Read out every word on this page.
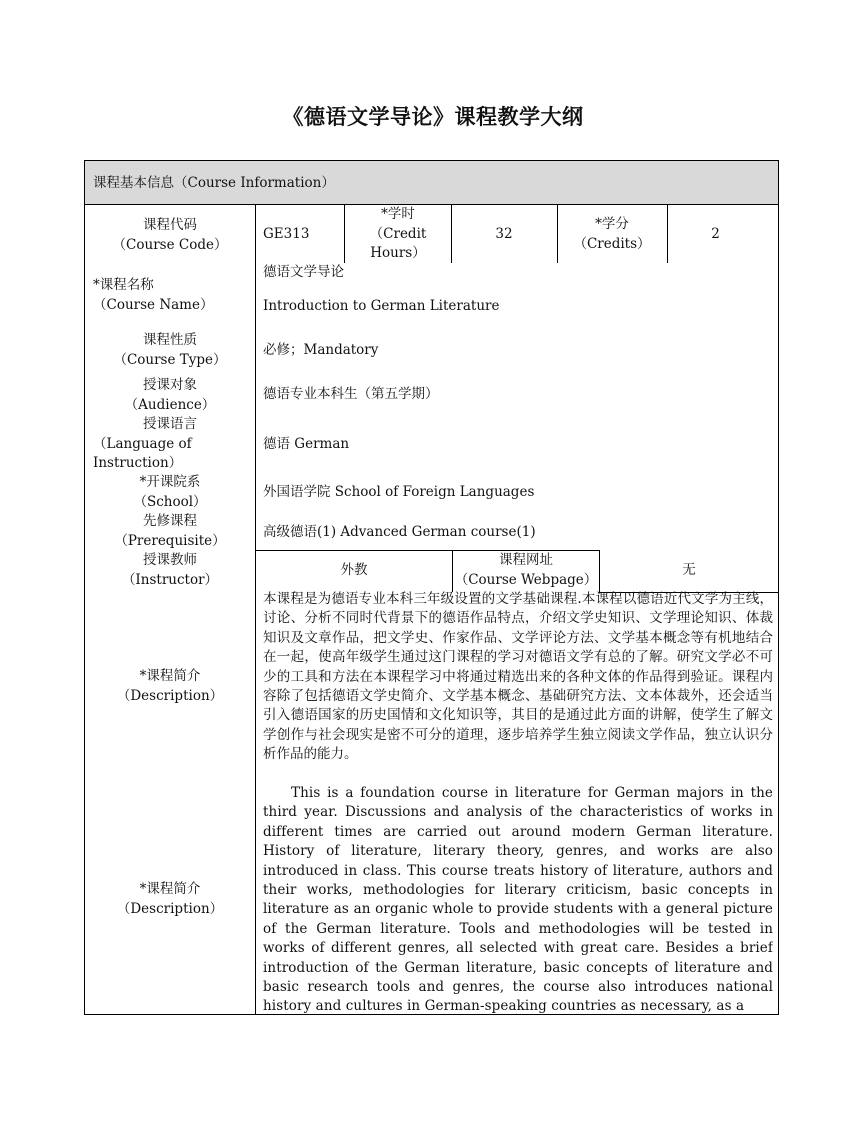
《德语文学导论》课程教学大纲
课程基本信息（Course Information）
课程代码
（Course Code）
GE313
*学时
（Credit
Hours）
32
*学分
（Credits）
2
*课程名称
（Course Name）
德语文学导论
Introduction to German Literature
课程性质
（Course Type）
必修；Mandatory
授课对象
（Audience）
德语专业本科生（第五学期）
授课语言
（Language of
Instruction）
德语 German
*开课院系
（School）
外国语学院 School of Foreign Languages
先修课程
（Prerequisite）
高级德语(1) Advanced German course(1)
授课教师
（Instructor）
外教
课程网址
（Course Webpage）
无
*课程简介
（Description）
本课程是为德语专业本科三年级设置的文学基础课程.本课程以德语近代文学为主线，讨论、分析不同时代背景下的德语作品特点，介绍文学史知识、文学理论知识、体裁知识及文章作品，把文学史、作家作品、文学评论方法、文学基本概念等有机地结合在一起，使高年级学生通过这门课程的学习对德语文学有总的了解。研究文学必不可少的工具和方法在本课程学习中将通过精选出来的各种文体的作品得到验证。课程内容除了包括德语文学史简介、文学基本概念、基础研究方法、文本体裁外，还会适当引入德语国家的历史国情和文化知识等，其目的是通过此方面的讲解，使学生了解文学创作与社会现实是密不可分的道理，逐步培养学生独立阅读文学作品，独立认识分析作品的能力。
*课程简介
（Description）
This is a foundation course in literature for German majors in the third year. Discussions and analysis of the characteristics of works in different times are carried out around modern German literature. History of literature, literary theory, genres, and works are also introduced in class. This course treats history of literature, authors and their works, methodologies for literary criticism, basic concepts in literature as an organic whole to provide students with a general picture of the German literature. Tools and methodologies will be tested in works of different genres, all selected with great care. Besides a brief introduction of the German literature, basic concepts of literature and basic research tools and genres, the course also introduces national history and cultures in German-speaking countries as necessary, as a
